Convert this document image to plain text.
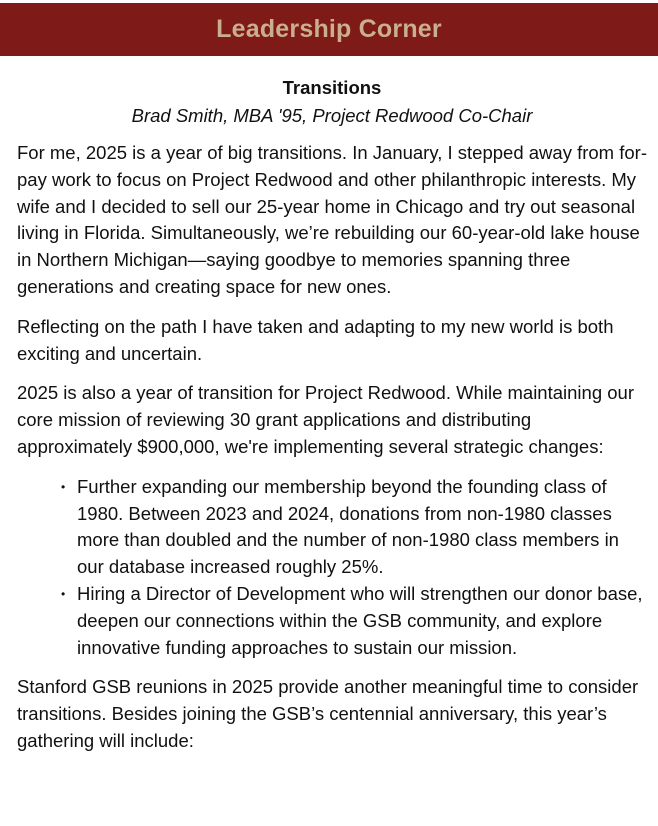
Leadership Corner
Transitions
Brad Smith, MBA '95, Project Redwood Co-Chair

For me, 2025 is a year of big transitions. In January, I stepped away from for-pay work to focus on Project Redwood and other philanthropic interests. My wife and I decided to sell our 25-year home in Chicago and try out seasonal living in Florida. Simultaneously, we’re rebuilding our 60-year-old lake house in Northern Michigan—saying goodbye to memories spanning three generations and creating space for new ones.

Reflecting on the path I have taken and adapting to my new world is both exciting and uncertain.

2025 is also a year of transition for Project Redwood. While maintaining our core mission of reviewing 30 grant applications and distributing approximately $900,000, we're implementing several strategic changes:

• Further expanding our membership beyond the founding class of 1980. Between 2023 and 2024, donations from non-1980 classes more than doubled and the number of non-1980 class members in our database increased roughly 25%.
• Hiring a Director of Development who will strengthen our donor base, deepen our connections within the GSB community, and explore innovative funding approaches to sustain our mission.

Stanford GSB reunions in 2025 provide another meaningful time to consider transitions. Besides joining the GSB’s centennial anniversary, this year’s gathering will include:
